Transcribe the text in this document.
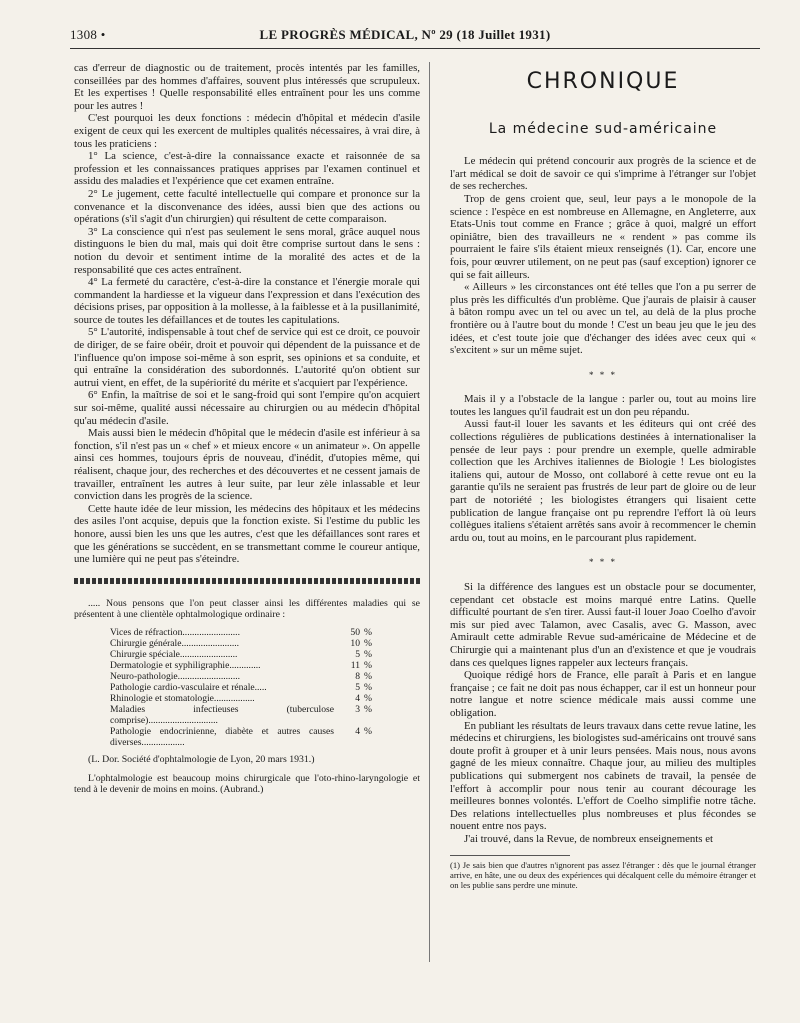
1308 •	LE PROGRÈS MÉDICAL, Nº 29 (18 Juillet 1931)

cas d'erreur de diagnostic ou de traitement, procès intentés par les familles, conseillées par des hommes d'affaires, souvent plus intéressés que scrupuleux. Et les expertises ! Quelle responsabilité elles entraînent pour les uns comme pour les autres !

C'est pourquoi les deux fonctions : médecin d'hôpital et médecin d'asile exigent de ceux qui les exercent de multiples qualités nécessaires, à vrai dire, à tous les praticiens :

1° La science, c'est-à-dire la connaissance exacte et raisonnée de sa profession et les connaissances pratiques apprises par l'examen continuel et assidu des maladies et l'expérience que cet examen entraîne.

2° Le jugement, cette faculté intellectuelle qui compare et prononce sur la convenance et la disconvenance des idées, aussi bien que des actions ou opérations (s'il s'agit d'un chirurgien) qui résultent de cette comparaison.

3° La conscience qui n'est pas seulement le sens moral, grâce auquel nous distinguons le bien du mal, mais qui doit être comprise surtout dans le sens : notion du devoir et sentiment intime de la moralité des actes et de la responsabilité que ces actes entraînent.

4° La fermeté du caractère, c'est-à-dire la constance et l'énergie morale qui commandent la hardiesse et la vigueur dans l'expression et dans l'exécution des décisions prises, par opposition à la mollesse, à la faiblesse et à la pusillanimité, source de toutes les défaillances et de toutes les capitulations.

5° L'autorité, indispensable à tout chef de service qui est ce droit, ce pouvoir de diriger, de se faire obéir, droit et pouvoir qui dépendent de la puissance et de l'influence qu'on impose soi-même à son esprit, ses opinions et sa conduite, et qui entraîne la considération des subordonnés. L'autorité qu'on obtient sur autrui vient, en effet, de la supériorité du mérite et s'acquiert par l'expérience.

6° Enfin, la maîtrise de soi et le sang-froid qui sont l'empire qu'on acquiert sur soi-même, qualité aussi nécessaire au chirurgien ou au médecin d'hôpital qu'au médecin d'asile.

Mais aussi bien le médecin d'hôpital que le médecin d'asile est inférieur à sa fonction, s'il n'est pas un « chef » et mieux encore « un animateur ». On appelle ainsi ces hommes, toujours épris de nouveau, d'inédit, d'utopies même, qui réalisent, chaque jour, des recherches et des découvertes et ne cessent jamais de travailler, entraînent les autres à leur suite, par leur zèle inlassable et leur conviction dans les progrès de la science.

Cette haute idée de leur mission, les médecins des hôpitaux et les médecins des asiles l'ont acquise, depuis que la fonction existe. Si l'estime du public les honore, aussi bien les uns que les autres, c'est que les défaillances sont rares et que les générations se succèdent, en se transmettant comme le coureur antique, une lumière qui ne peut pas s'éteindre.

..... Nous pensons que l'on peut classer ainsi les différentes maladies qui se présentent à une clientèle ophtalmologique ordinaire :

Vices de réfraction........................	50	%
Chirurgie générale........................	10	%
Chirurgie spéciale........................	5	%
Dermatologie et syphiligraphie.............	11	%
Neuro-pathologie..........................	8	%
Pathologie cardio-vasculaire et rénale.....	5	%
Rhinologie et stomatologie.................	4	%
Maladies infectieuses (tuberculose comprise).............................	3	%
Pathologie endocrinienne, diabète et autres causes diverses..................	4	%

(L. Dor. Société d'ophtalmologie de Lyon, 20 mars 1931.)

L'ophtalmologie est beaucoup moins chirurgicale que l'oto-rhino-laryngologie et tend à le devenir de moins en moins. (Aubrand.)

CHRONIQUE
La médecine sud-américaine

Le médecin qui prétend concourir aux progrès de la science et de l'art médical se doit de savoir ce qui s'imprime à l'étranger sur l'objet de ses recherches.

Trop de gens croient que, seul, leur pays a le monopole de la science : l'espèce en est nombreuse en Allemagne, en Angleterre, aux Etats-Unis tout comme en France ; grâce à quoi, malgré un effort opiniâtre, bien des travailleurs ne « rendent » pas comme ils pourraient le faire s'ils étaient mieux renseignés (1). Car, encore une fois, pour œuvrer utilement, on ne peut pas (sauf exception) ignorer ce qui se fait ailleurs.

« Ailleurs » les circonstances ont été telles que l'on a pu serrer de plus près les difficultés d'un problème. Que j'aurais de plaisir à causer à bâton rompu avec un tel ou avec un tel, au delà de la plus proche frontière ou à l'autre bout du monde ! C'est un beau jeu que le jeu des idées, et c'est toute joie que d'échanger des idées avec ceux qui « s'excitent » sur un même sujet.

* * *

Mais il y a l'obstacle de la langue : parler ou, tout au moins lire toutes les langues qu'il faudrait est un don peu répandu.

Aussi faut-il louer les savants et les éditeurs qui ont créé des collections régulières de publications destinées à internationaliser la pensée de leur pays : pour prendre un exemple, quelle admirable collection que les Archives italiennes de Biologie ! Les biologistes italiens qui, autour de Mosso, ont collaboré à cette revue ont eu la garantie qu'ils ne seraient pas frustrés de leur part de gloire ou de leur part de notoriété ; les biologistes étrangers qui lisaient cette publication de langue française ont pu reprendre l'effort là où leurs collègues italiens s'étaient arrêtés sans avoir à recommencer le chemin ardu ou, tout au moins, en le parcourant plus rapidement.

* * *

Si la différence des langues est un obstacle pour se documenter, cependant cet obstacle est moins marqué entre Latins. Quelle difficulté pourtant de s'en tirer. Aussi faut-il louer Joao Coelho d'avoir mis sur pied avec Talamon, avec Casalis, avec G. Masson, avec Amirault cette admirable Revue sud-américaine de Médecine et de Chirurgie qui a maintenant plus d'un an d'existence et que je voudrais dans ces quelques lignes rappeler aux lecteurs français.

Quoique rédigé hors de France, elle paraît à Paris et en langue française ; ce fait ne doit pas nous échapper, car il est un honneur pour notre langue et notre science médicale mais aussi comme une obligation.

En publiant les résultats de leurs travaux dans cette revue latine, les médecins et chirurgiens, les biologistes sud-américains ont trouvé sans doute profit à grouper et à unir leurs pensées. Mais nous, nous avons gagné de les mieux connaître. Chaque jour, au milieu des multiples publications qui submergent nos cabinets de travail, la pensée de l'effort à accomplir pour nous tenir au courant décourage les meilleures bonnes volontés. L'effort de Coelho simplifie notre tâche. Des relations intellectuelles plus nombreuses et plus fécondes se nouent entre nos pays.

J'ai trouvé, dans la Revue, de nombreux enseignements et

(1) Je sais bien que d'autres n'ignorent pas assez l'étranger : dès que le journal étranger arrive, en hâte, une ou deux des expériences qui décalquent celle du mémoire étranger et on les publie sans perdre une minute.
